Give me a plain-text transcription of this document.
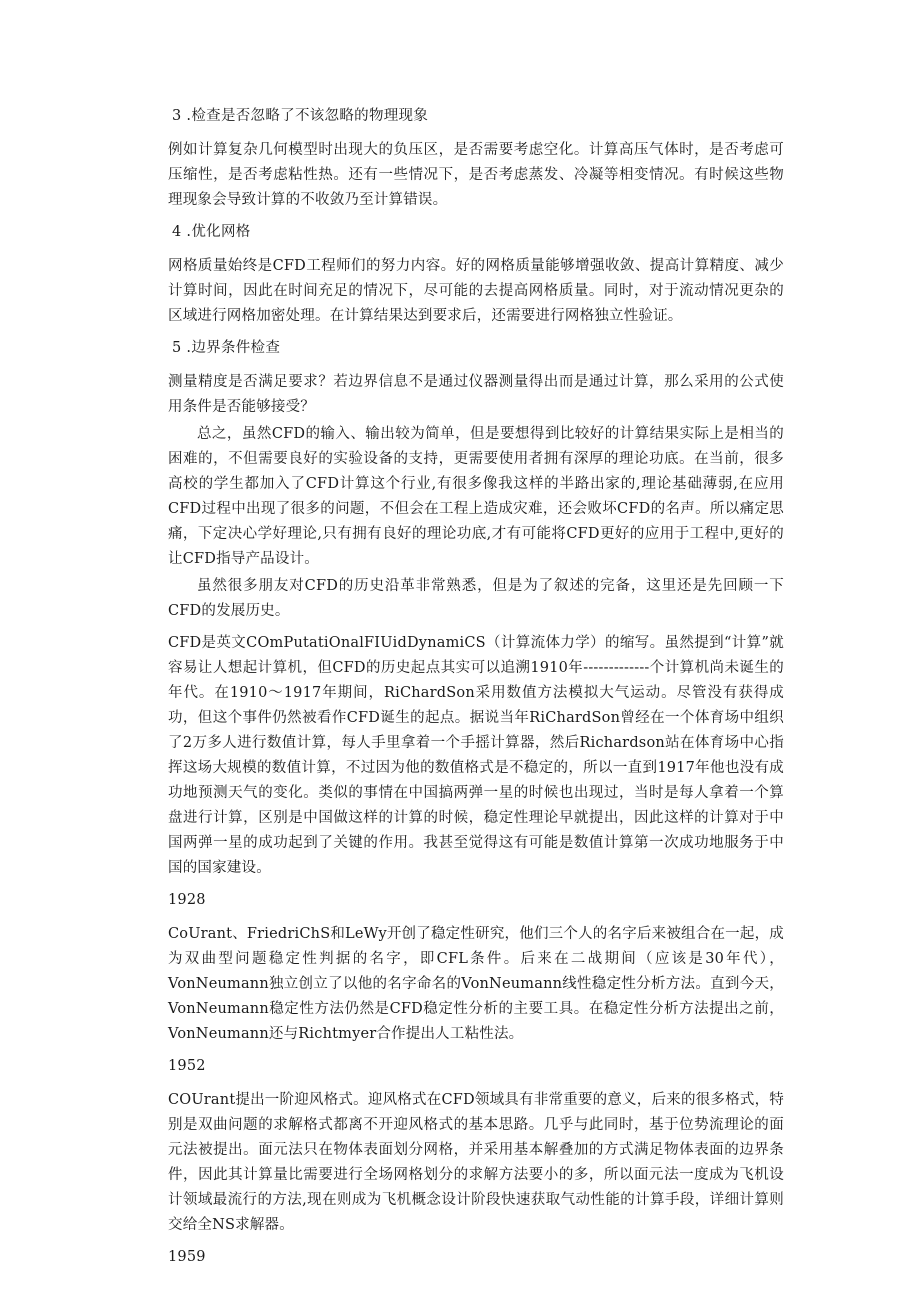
3 .检查是否忽略了不该忽略的物理现象

例如计算复杂几何模型时出现大的负压区，是否需要考虑空化。计算高压气体时，是否考虑可压缩性，是否考虑粘性热。还有一些情况下，是否考虑蒸发、冷凝等相变情况。有时候这些物理现象会导致计算的不收敛乃至计算错误。

4 .优化网格

网格质量始终是CFD工程师们的努力内容。好的网格质量能够增强收敛、提高计算精度、减少计算时间，因此在时间充足的情况下，尽可能的去提高网格质量。同时，对于流动情况更杂的区域进行网格加密处理。在计算结果达到要求后，还需要进行网格独立性验证。

5 .边界条件检查

测量精度是否满足要求？若边界信息不是通过仪器测量得出而是通过计算，那么采用的公式使用条件是否能够接受？

总之，虽然CFD的输入、输出较为简单，但是要想得到比较好的计算结果实际上是相当的困难的，不但需要良好的实验设备的支持，更需要使用者拥有深厚的理论功底。在当前，很多高校的学生都加入了CFD计算这个行业,有很多像我这样的半路出家的,理论基础薄弱,在应用CFD过程中出现了很多的问题，不但会在工程上造成灾难，还会败坏CFD的名声。所以痛定思痛，下定决心学好理论,只有拥有良好的理论功底,才有可能将CFD更好的应用于工程中,更好的让CFD指导产品设计。

虽然很多朋友对CFD的历史沿革非常熟悉，但是为了叙述的完备，这里还是先回顾一下CFD的发展历史。

CFD是英文COmPutatiOnalFIUidDynamiCS（计算流体力学）的缩写。虽然提到“计算”就容易让人想起计算机，但CFD的历史起点其实可以追溯1910年-------------个计算机尚未诞生的年代。在1910～1917年期间，RiChardSon采用数值方法模拟大气运动。尽管没有获得成功，但这个事件仍然被看作CFD诞生的起点。据说当年RiChardSon曾经在一个体育场中组织了2万多人进行数值计算，每人手里拿着一个手摇计算器，然后Richardson站在体育场中心指挥这场大规模的数值计算，不过因为他的数值格式是不稳定的，所以一直到1917年他也没有成功地预测天气的变化。类似的事情在中国搞两弹一星的时候也出现过，当时是每人拿着一个算盘进行计算，区别是中国做这样的计算的时候，稳定性理论早就提出，因此这样的计算对于中国两弹一星的成功起到了关键的作用。我甚至觉得这有可能是数值计算第一次成功地服务于中国的国家建设。

1928

CoUrant、FriedriChS和LeWy开创了稳定性研究，他们三个人的名字后来被组合在一起，成为双曲型问题稳定性判据的名字，即CFL条件。后来在二战期间（应该是30年代），VonNeumann独立创立了以他的名字命名的VonNeumann线性稳定性分析方法。直到今天，VonNeumann稳定性方法仍然是CFD稳定性分析的主要工具。在稳定性分析方法提出之前，VonNeumann还与Richtmyer合作提出人工粘性法。

1952

COUrant提出一阶迎风格式。迎风格式在CFD领域具有非常重要的意义，后来的很多格式，特别是双曲问题的求解格式都离不开迎风格式的基本思路。几乎与此同时，基于位势流理论的面元法被提出。面元法只在物体表面划分网格，并采用基本解叠加的方式满足物体表面的边界条件，因此其计算量比需要进行全场网格划分的求解方法要小的多，所以面元法一度成为飞机设计领域最流行的方法,现在则成为飞机概念设计阶段快速获取气动性能的计算手段，详细计算则交给全NS求解器。

1959
